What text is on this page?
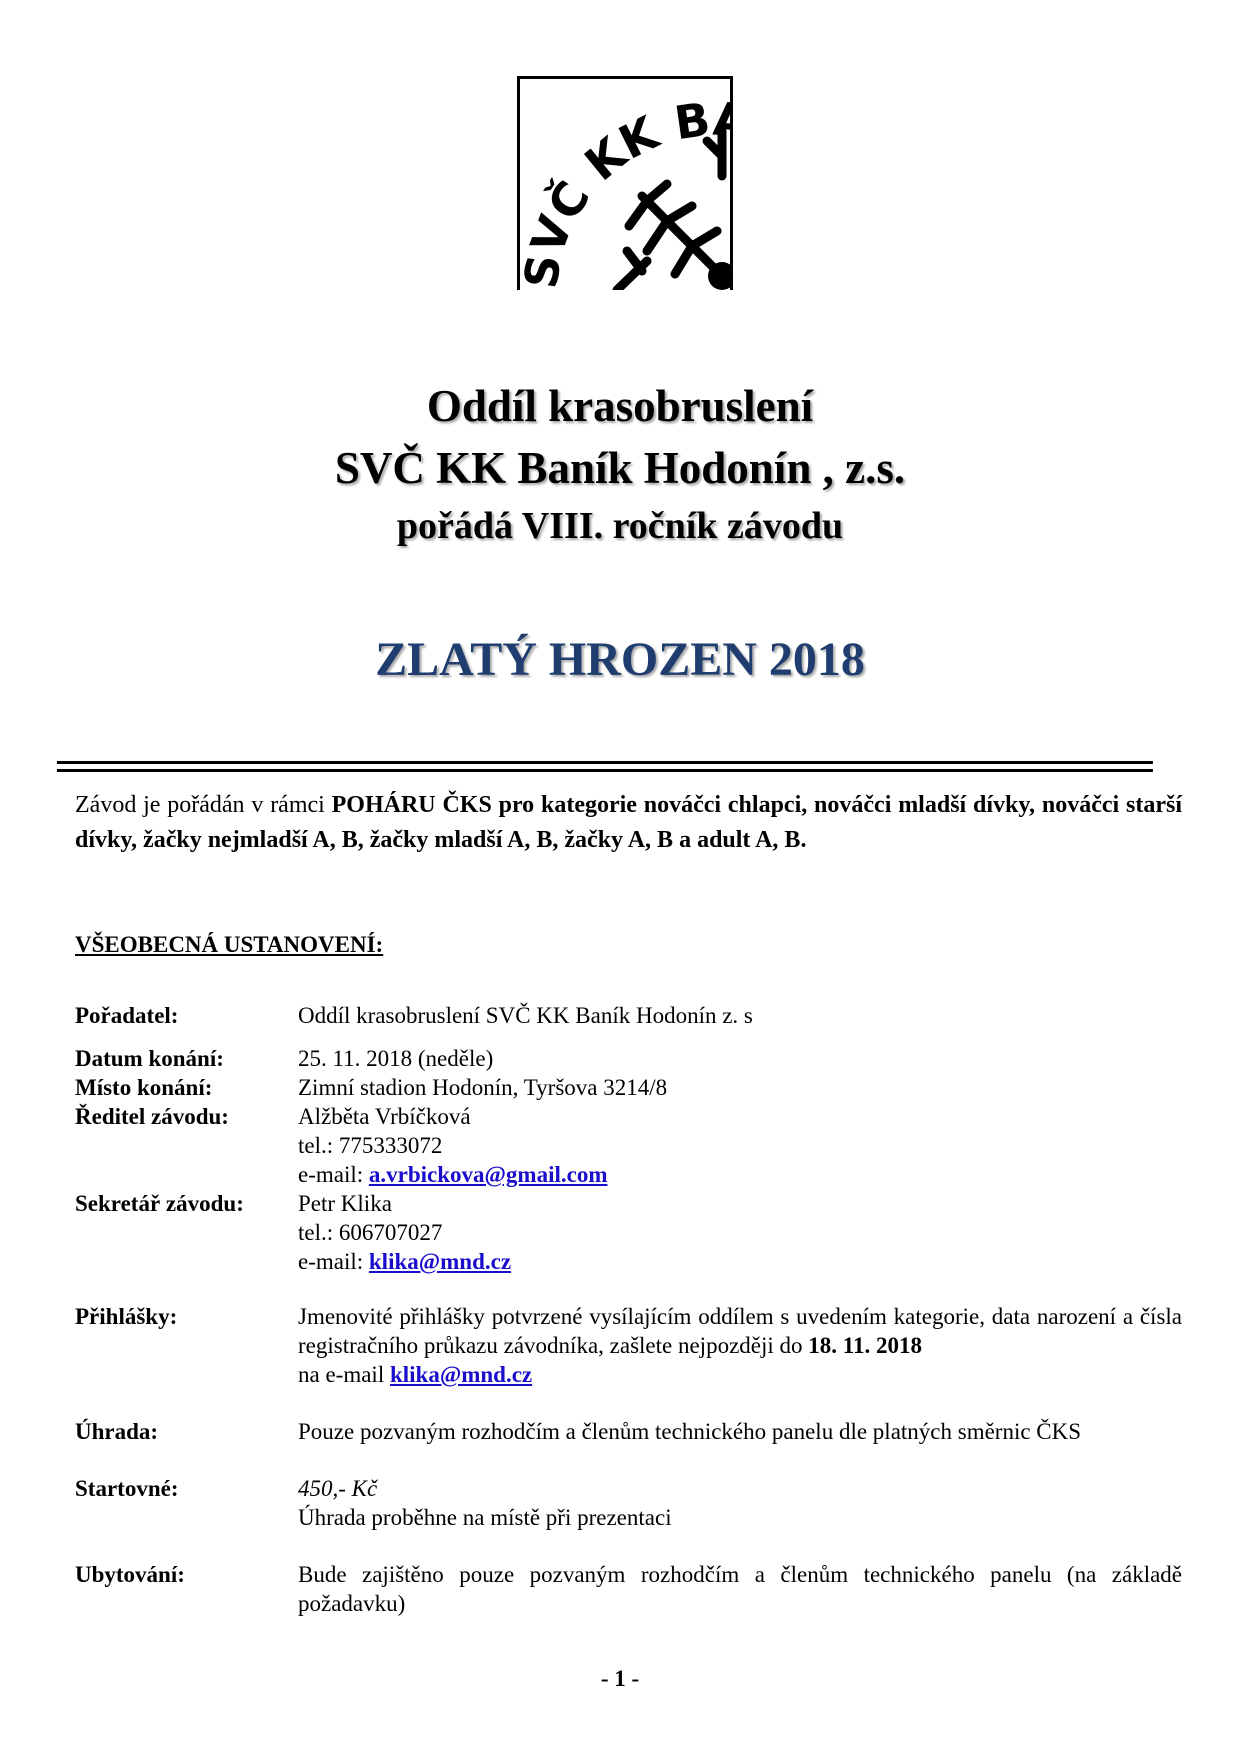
SVČ KK B
Oddíl krasobruslení
SVČ KK Baník Hodonín , z.s.
pořádá VIII. ročník závodu
ZLATÝ HROZEN 2018
Závod je pořádán v rámci POHÁRU ČKS pro kategorie nováčci chlapci, nováčci mladší dívky, nováčci starší dívky, žačky nejmladší A, B, žačky mladší A, B, žačky A, B a adult A, B.
VŠEOBECNÁ USTANOVENÍ:
Pořadatel:	Oddíl krasobruslení SVČ KK Baník Hodonín z. s
Datum konání:	25. 11. 2018 (neděle)
Místo konání:	Zimní stadion Hodonín, Tyršova 3214/8
Ředitel závodu:	Alžběta Vrbíčková
tel.: 775333072
e-mail: a.vrbickova@gmail.com
Sekretář závodu: Petr Klika
tel.: 606707027
e-mail: klika@mnd.cz
Přihlášky:	Jmenovité přihlášky potvrzené vysílajícím oddílem s uvedením kategorie, data narození a čísla registračního průkazu závodníka, zašlete nejpozději do 18. 11. 2018
na e-mail klika@mnd.cz
Úhrada:	Pouze pozvaným rozhodčím a členům technického panelu dle platných směrnic ČKS
Startovné:	450,- Kč
Úhrada proběhne na místě při prezentaci
Ubytování:	Bude zajištěno pouze pozvaným rozhodčím a členům technického panelu (na základě požadavku)
- 1 -
